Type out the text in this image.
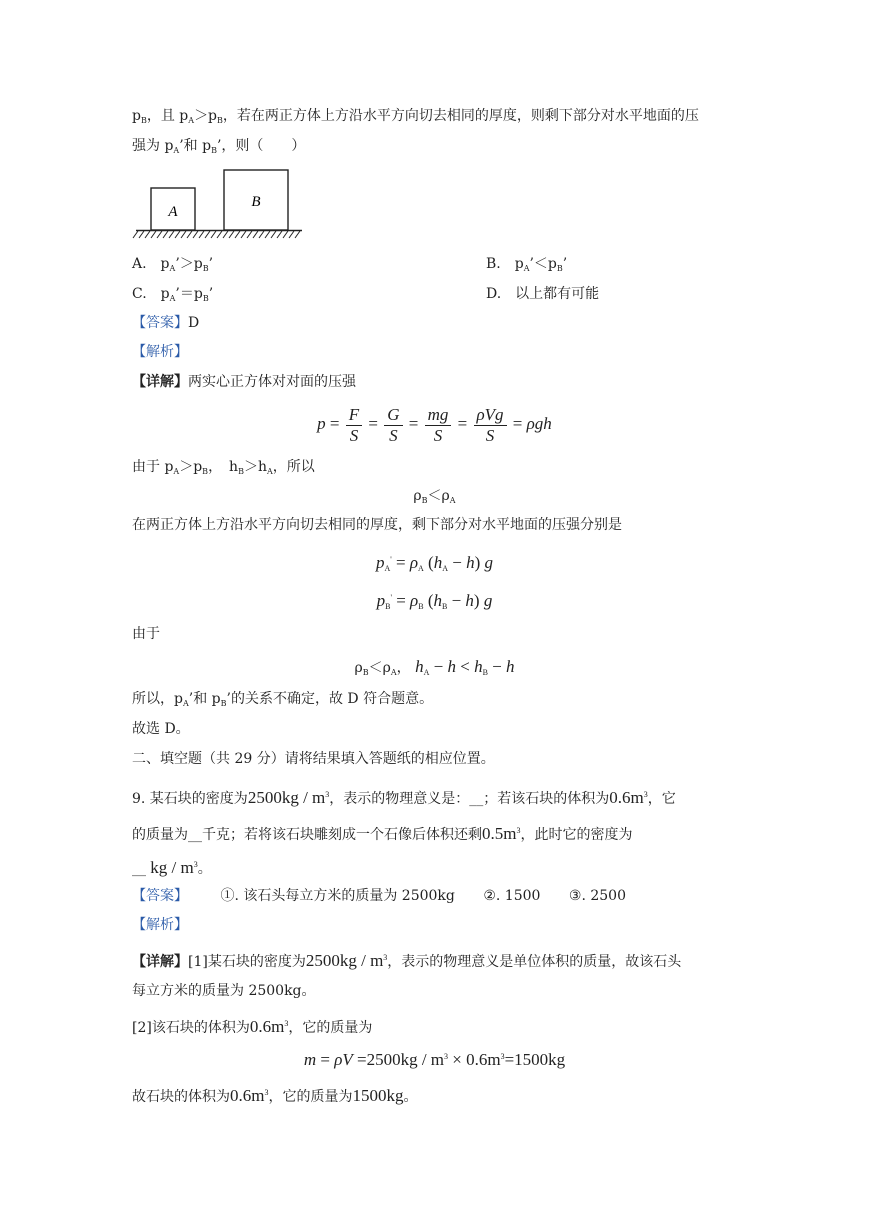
$p_B$，且 $p_A>p_B$，若在两正方体上方沿水平方向切去相同的厚度，则剩下部分对水平地面的压
强为 $p_A$’和 $p_B$’，则（　　）
A
B
A.　$p_A’>p_B$’	B.　$p_A’<p_B$’
C.　$p_A’=p_B$’	D.　以上都有可能
【答案】D
【解析】
【详解】两实心正方体对对面的压强
$p = \frac{F}{S} = \frac{G}{S} = \frac{mg}{S} = \frac{\text{ρVg}}{S} = \rho gh$
由于 $p_A>p_B$，　$h_B>h_A$，所以
$\rho_B<\rho_A$
在两正方体上方沿水平方向切去相同的厚度，剩下部分对水平地面的压强分别是
$p_A' = \rho_A$ $(h_A - h)$ g
$p_B' = \rho_B$ $(h_B - h)$ g
由于
$\rho_B<\rho_A$， $h_A - h < h_B - h$
所以，$p_A$’和 $p_B$’的关系不确定，故 D 符合题意。
故选 D。
二、填空题（共 29 分）请将结果填入答题纸的相应位置。
9. 某石块的密度为$2500kg / m^3$，表示的物理意义是：__；若该石块的体积为$0.6m^3$，它
的质量为__千克；若将该石块雕刻成一个石像后体积还剩$0.5m^3$，此时它的密度为
__ kg / $m^3$。
【答案】 ①. 该石头每立方米的质量为 2500kg ②. 1500 ③. 2500
【解析】
【详解】[1]某石块的密度为$2500kg / m^3$，表示的物理意义是单位体积的质量，故该石头
每立方米的质量为 2500kg。
[2]该石块的体积为$0.6m^3$，它的质量为
$m = \rho V =2500kg / m^3 \times 0.6m^3=1500kg$
故石块的体积为$0.6m^3$，它的质量为1500kg。
